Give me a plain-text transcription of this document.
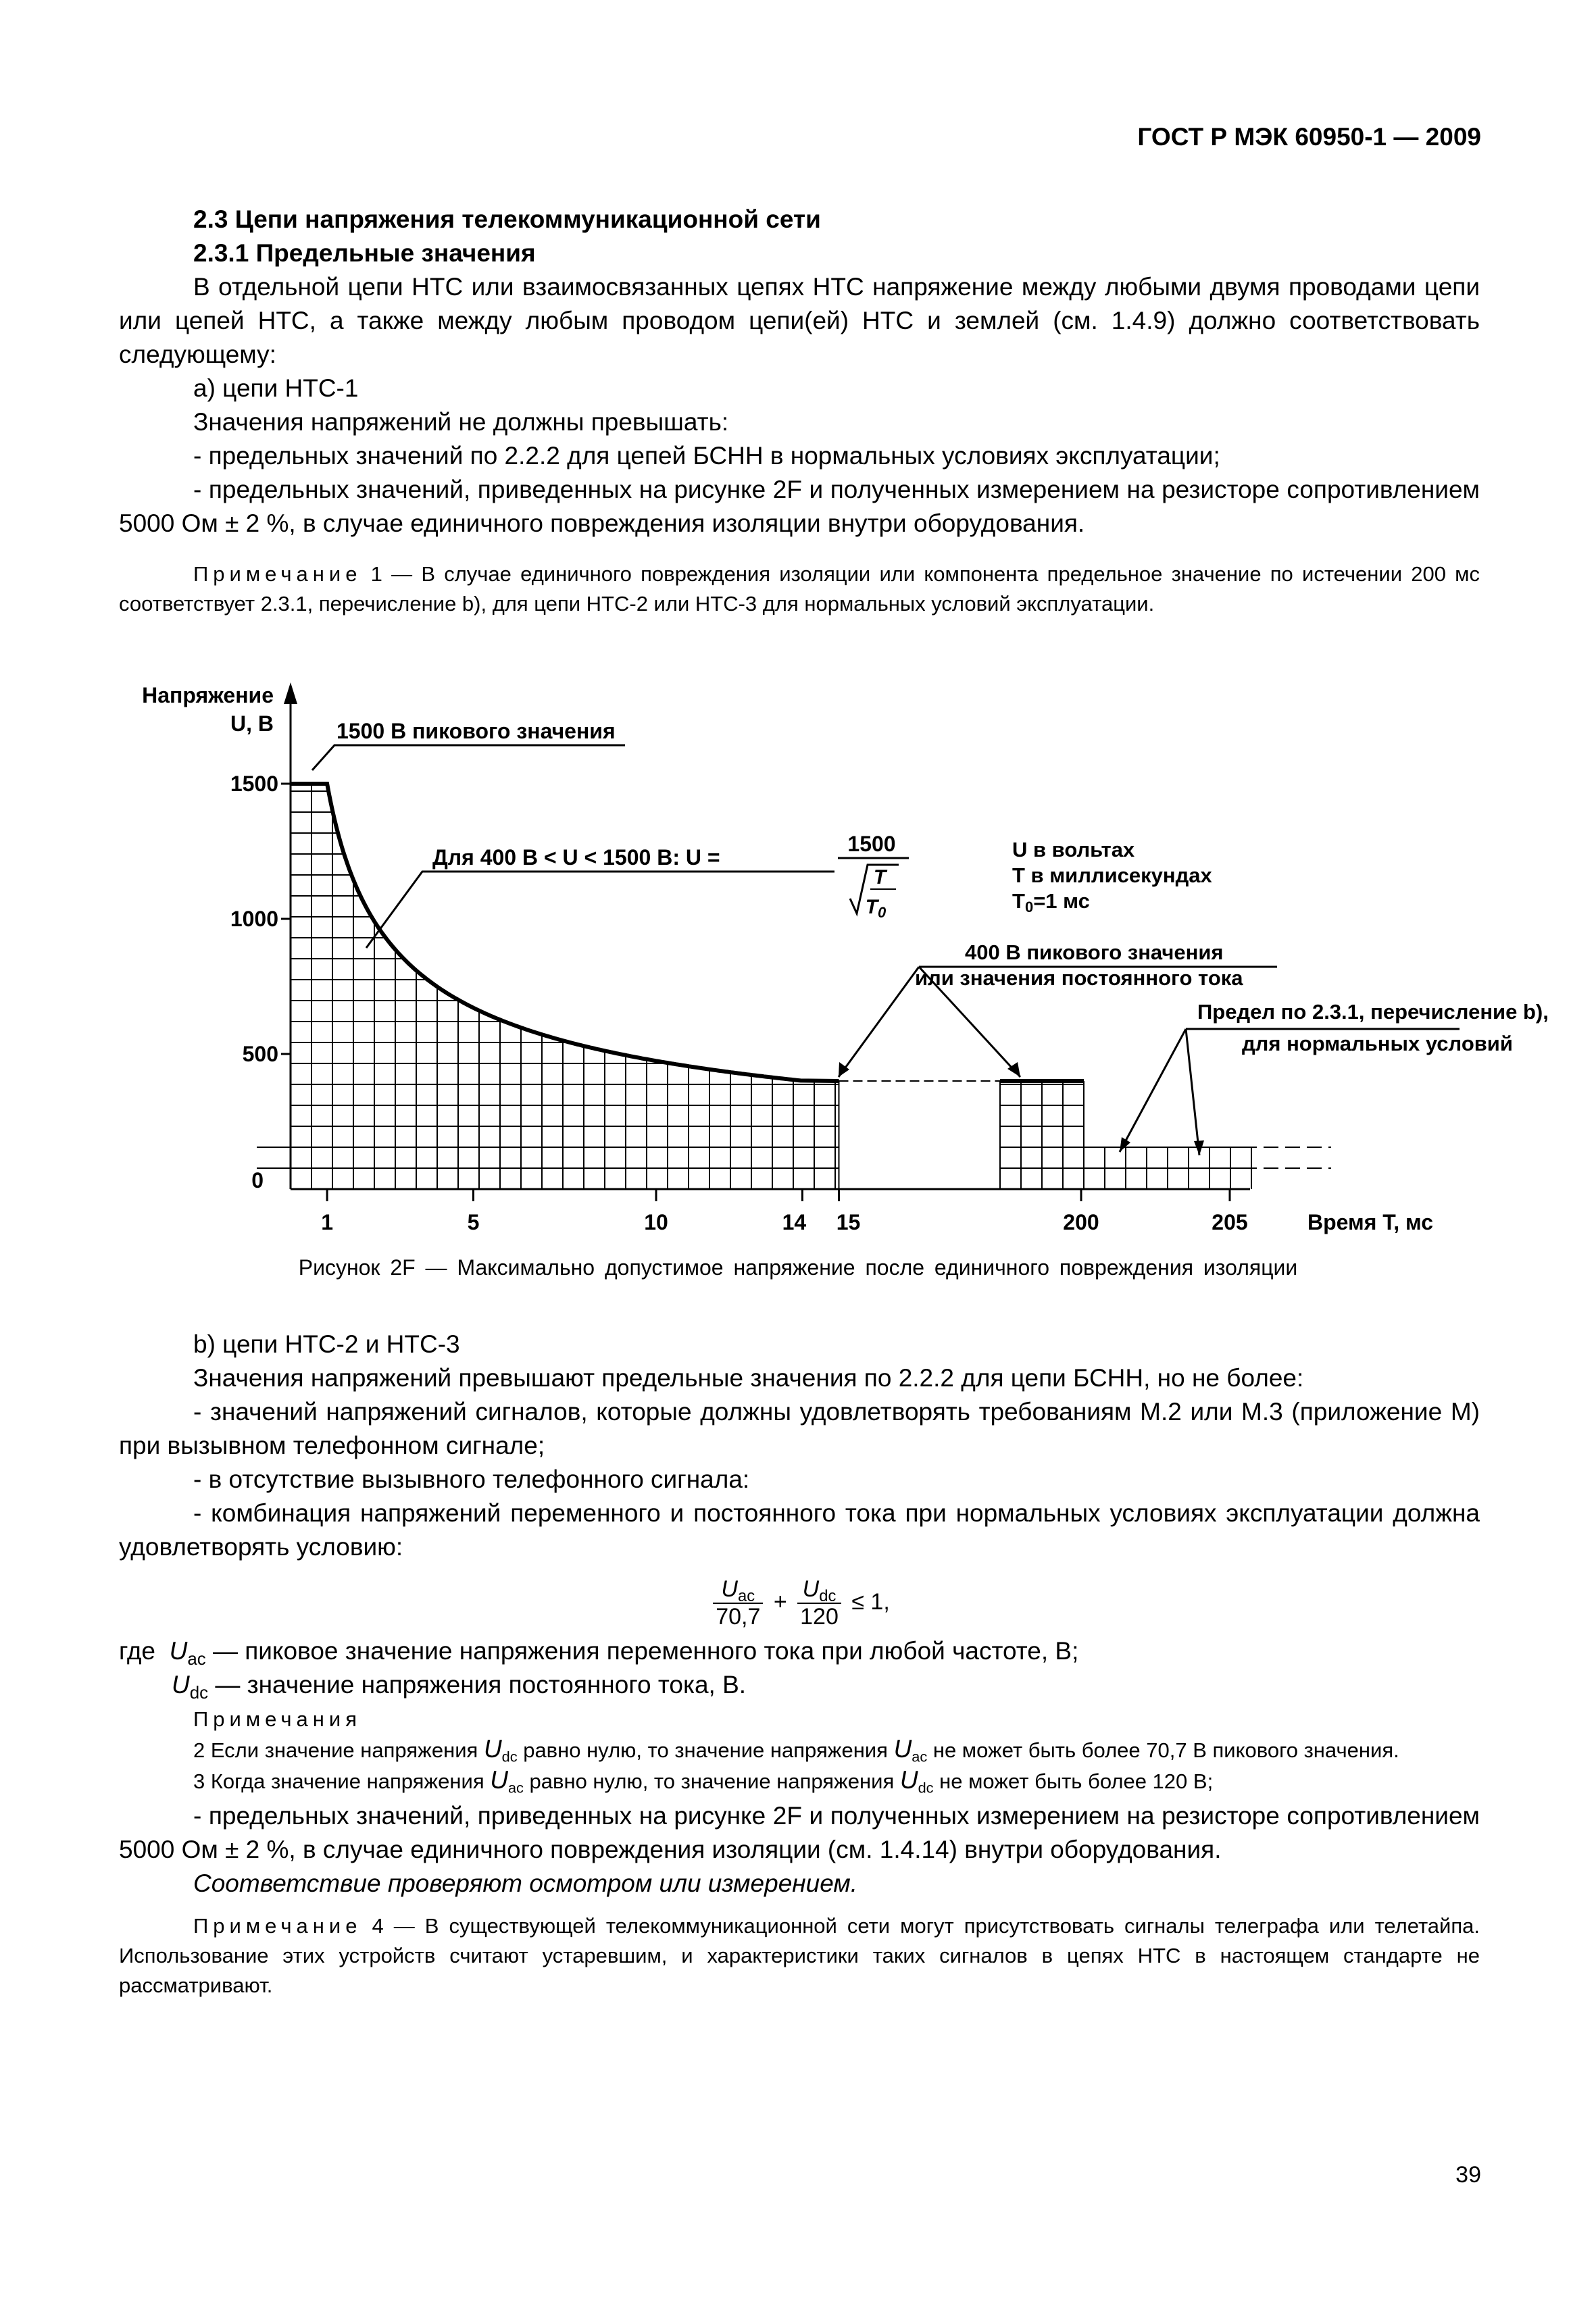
ГОСТ Р МЭК 60950-1 — 2009

2.3 Цепи напряжения телекоммуникационной сети

2.3.1 Предельные значения

В отдельной цепи НТС или взаимосвязанных цепях НТС напряжение между любыми двумя проводами цепи или цепей НТС, а также между любым проводом цепи(ей) НТС и землей (см. 1.4.9) должно соответствовать следующему:

а) цепи НТС-1

Значения напряжений не должны превышать:

- предельных значений по 2.2.2 для цепей БСНН в нормальных условиях эксплуатации;

- предельных значений, приведенных на рисунке 2F и полученных измерением на резисторе сопротивлением 5000 Ом ± 2 %, в случае единичного повреждения изоляции внутри оборудования.

Примечание 1 — В случае единичного повреждения изоляции или компонента предельное значение по истечении 200 мс соответствует 2.3.1, перечисление b), для цепи НТС-2 или НТС-3 для нормальных условий эксплуатации.

0
500
1000
1500
1	5	10	14 15	200	205
Напряжение
U, В
Время T, мс
1500 В пикового значения
Для 400 В < U < 1500 В: U =
1500
T
$T_0$
U в вольтах
T в миллисекундах
T0=1 мс
400 В пикового значения
или значения постоянного тока
Предел по 2.3.1, перечисление b),
для нормальных условий
Рисунок 2F — Максимально допустимое напряжение после единичного повреждения изоляции

b) цепи НТС-2 и НТС-3

Значения напряжений превышают предельные значения по 2.2.2 для цепи БСНН, но не более:

- значений напряжений сигналов, которые должны удовлетворять требованиям М.2 или М.3 (приложение М) при вызывном телефонном сигнале;

- в отсутствие вызывного телефонного сигнала:

- комбинация напряжений переменного и постоянного тока при нормальных условиях эксплуатации должна удовлетворять условию:

$\frac{U_{ac}}{70,7} + \frac{U_{dc}}{120} \le 1$,

где $U_{ac}$ — пиковое значение напряжения переменного тока при любой частоте, В;

$U_{dc}$ — значение напряжения постоянного тока, В.

Примечания

2 Если значение напряжения $U_{dc}$ равно нулю, то значение напряжения $U_{ac}$ не может быть более 70,7 В пикового значения.

3 Когда значение напряжения $U_{ac}$ равно нулю, то значение напряжения $U_{dc}$ не может быть более 120 В;

- предельных значений, приведенных на рисунке 2F и полученных измерением на резисторе сопротивлением 5000 Ом ± 2 %, в случае единичного повреждения изоляции (см. 1.4.14) внутри оборудования.

Соответствие проверяют осмотром или измерением.

Примечание 4 — В существующей телекоммуникационной сети могут присутствовать сигналы телеграфа или телетайпа. Использование этих устройств считают устаревшим, и характеристики таких сигналов в цепях НТС в настоящем стандарте не рассматривают.

39
